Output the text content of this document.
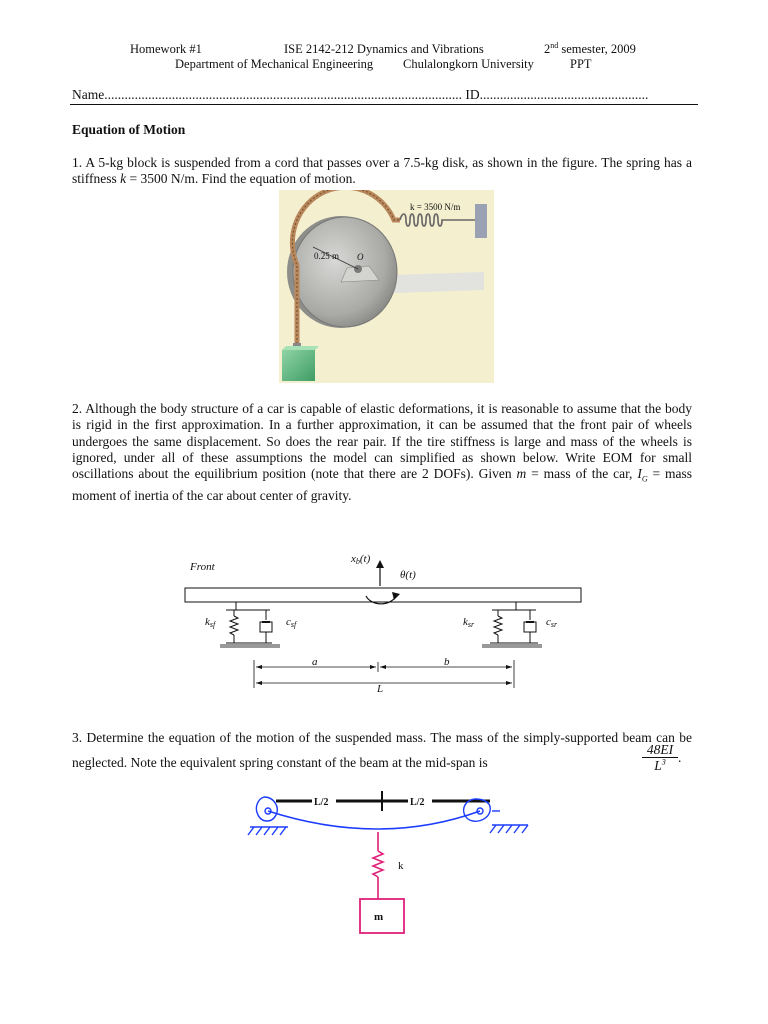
Homework #1	ISE 2142-212 Dynamics and Vibrations	2nd semester, 2009
Department of Mechanical Engineering Chulalongkorn University	PPT
Name.......................................................................................................... ID..................................................
Equation of Motion
1. A 5-kg block is suspended from a cord that passes over a 7.5-kg disk, as shown in the figure. The spring has a stiffness k = 3500 N/m. Find the equation of motion.
k = 3500 N/m
0.25 m O
2. Although the body structure of a car is capable of elastic deformations, it is reasonable to assume that the body is rigid in the first approximation. In a further approximation, it can be assumed that the front pair of wheels undergoes the same displacement. So does the rear pair. If the tire stiffness is large and mass of the wheels is ignored, under all of these assumptions the model can simplified as shown below. Write EOM for small oscillations about the equilibrium position (note that there are 2 DOFs). Given m = mass of the car, $I_G$ = mass moment of inertia of the car about center of gravity.
Front
xb(t)
θ(t)
ksf	csf	ksr	csr
a	b
L
3. Determine the equation of the motion of the suspended mass. The mass of the simply-supported beam can be neglected. Note the equivalent spring constant of the beam at the mid-span is	$\frac{48EI}{L^3}$ .
L/2	L/2
k
m
